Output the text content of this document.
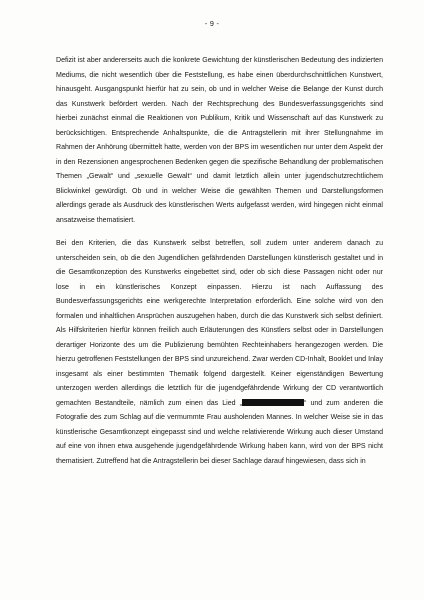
- 9 -

Defizit ist aber andererseits auch die konkrete Gewichtung der künstlerischen Bedeutung des indizierten Mediums, die nicht wesentlich über die Feststellung, es habe einen überdurchschnittlichen Kunstwert, hinausgeht. Ausgangspunkt hierfür hat zu sein, ob und in welcher Weise die Belange der Kunst durch das Kunstwerk befördert werden. Nach der Rechtsprechung des Bundesverfassungsgerichts sind hierbei zunächst einmal die Reaktionen von Publikum, Kritik und Wissenschaft auf das Kunstwerk zu berücksichtigen. Entsprechende Anhaltspunkte, die die Antragstellerin mit ihrer Stellungnahme im Rahmen der Anhörung übermittelt hatte, werden von der BPS im wesentlichen nur unter dem Aspekt der in den Rezensionen angesprochenen Bedenken gegen die spezifische Behandlung der problematischen Themen „Gewalt“ und „sexuelle Gewalt“ und damit letztlich allein unter jugendschutzrechtlichem Blickwinkel gewürdigt. Ob und in welcher Weise die gewählten Themen und Darstellungsformen allerdings gerade als Ausdruck des künstlerischen Werts aufgefasst werden, wird hingegen nicht einmal ansatzweise thematisiert.

Bei den Kriterien, die das Kunstwerk selbst betreffen, soll zudem unter anderem danach zu unterscheiden sein, ob die den Jugendlichen gefährdenden Darstellungen künstlerisch gestaltet und in die Gesamtkonzeption des Kunstwerks eingebettet sind, oder ob sich diese Passagen nicht oder nur lose in ein künstlerisches Konzept einpassen. Hierzu ist nach Auffassung des Bundesverfassungsgerichts eine werkgerechte Interpretation erforderlich. Eine solche wird von den formalen und inhaltlichen Ansprüchen auszugehen haben, durch die das Kunstwerk sich selbst definiert. Als Hilfskriterien hierfür können freilich auch Erläuterungen des Künstlers selbst oder in Darstellungen derartiger Horizonte des um die Publizierung bemühten Rechteinhabers herangezogen werden. Die hierzu getroffenen Feststellungen der BPS sind unzureichend. Zwar werden CD-Inhalt, Booklet und Inlay insgesamt als einer bestimmten Thematik folgend dargestellt. Keiner eigenständigen Bewertung unterzogen werden allerdings die letztlich für die jugendgefährdende Wirkung der CD verantwortlich gemachten Bestandteile, nämlich zum einen das Lied „	“ und zum anderen die Fotografie des zum Schlag auf die vermummte Frau ausholenden Mannes. In welcher Weise sie in das künstlerische Gesamtkonzept eingepasst sind und welche relativierende Wirkung auch dieser Umstand auf eine von ihnen etwa ausgehende jugendgefährdende Wirkung haben kann, wird von der BPS nicht thematisiert. Zutreffend hat die Antragstellerin bei dieser Sachlage darauf hingewiesen, dass sich in
